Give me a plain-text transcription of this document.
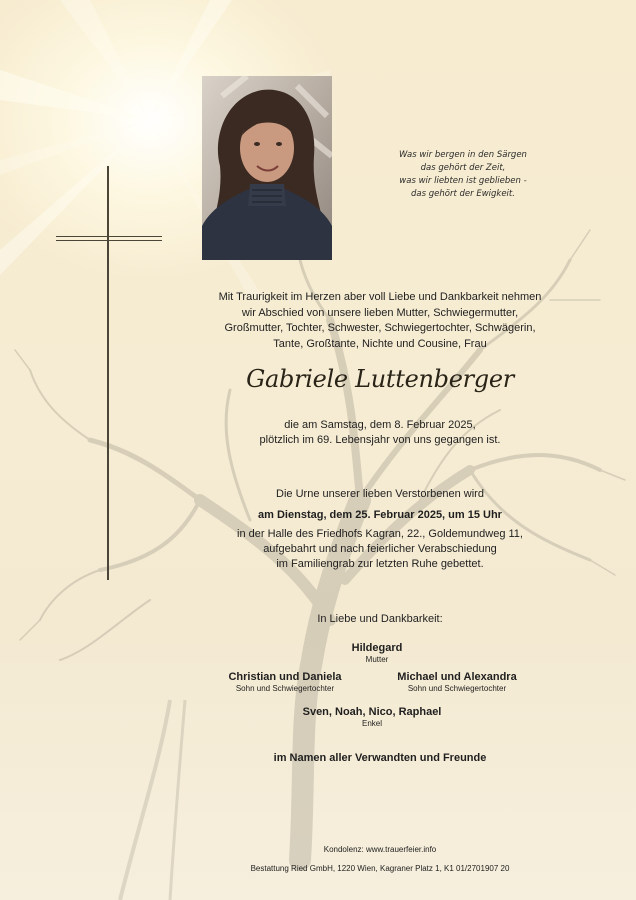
Was wir bergen in den Särgen
das gehört der Zeit,
was wir liebten ist geblieben -
das gehört der Ewigkeit.
Mit Traurigkeit im Herzen aber voll Liebe und Dankbarkeit nehmen
wir Abschied von unsere lieben Mutter, Schwiegermutter,
Großmutter, Tochter, Schwester, Schwiegertochter, Schwägerin,
Tante, Großtante, Nichte und Cousine, Frau
Gabriele Luttenberger
die am Samstag, dem 8. Februar 2025,
plötzlich im 69. Lebensjahr von uns gegangen ist.
Die Urne unserer lieben Verstorbenen wird
am Dienstag, dem 25. Februar 2025, um 15 Uhr
in der Halle des Friedhofs Kagran, 22., Goldemundweg 11,
aufgebahrt und nach feierlicher Verabschiedung
im Familiengrab zur letzten Ruhe gebettet.
In Liebe und Dankbarkeit:
Hildegard
Mutter
Christian und Daniela
Sohn und Schwiegertochter
Michael und Alexandra
Sohn und Schwiegertochter
Sven, Noah, Nico, Raphael
Enkel
im Namen aller Verwandten und Freunde
Kondolenz: www.trauerfeier.info
Bestattung Ried GmbH, 1220 Wien, Kagraner Platz 1, K1 01/2701907 20
